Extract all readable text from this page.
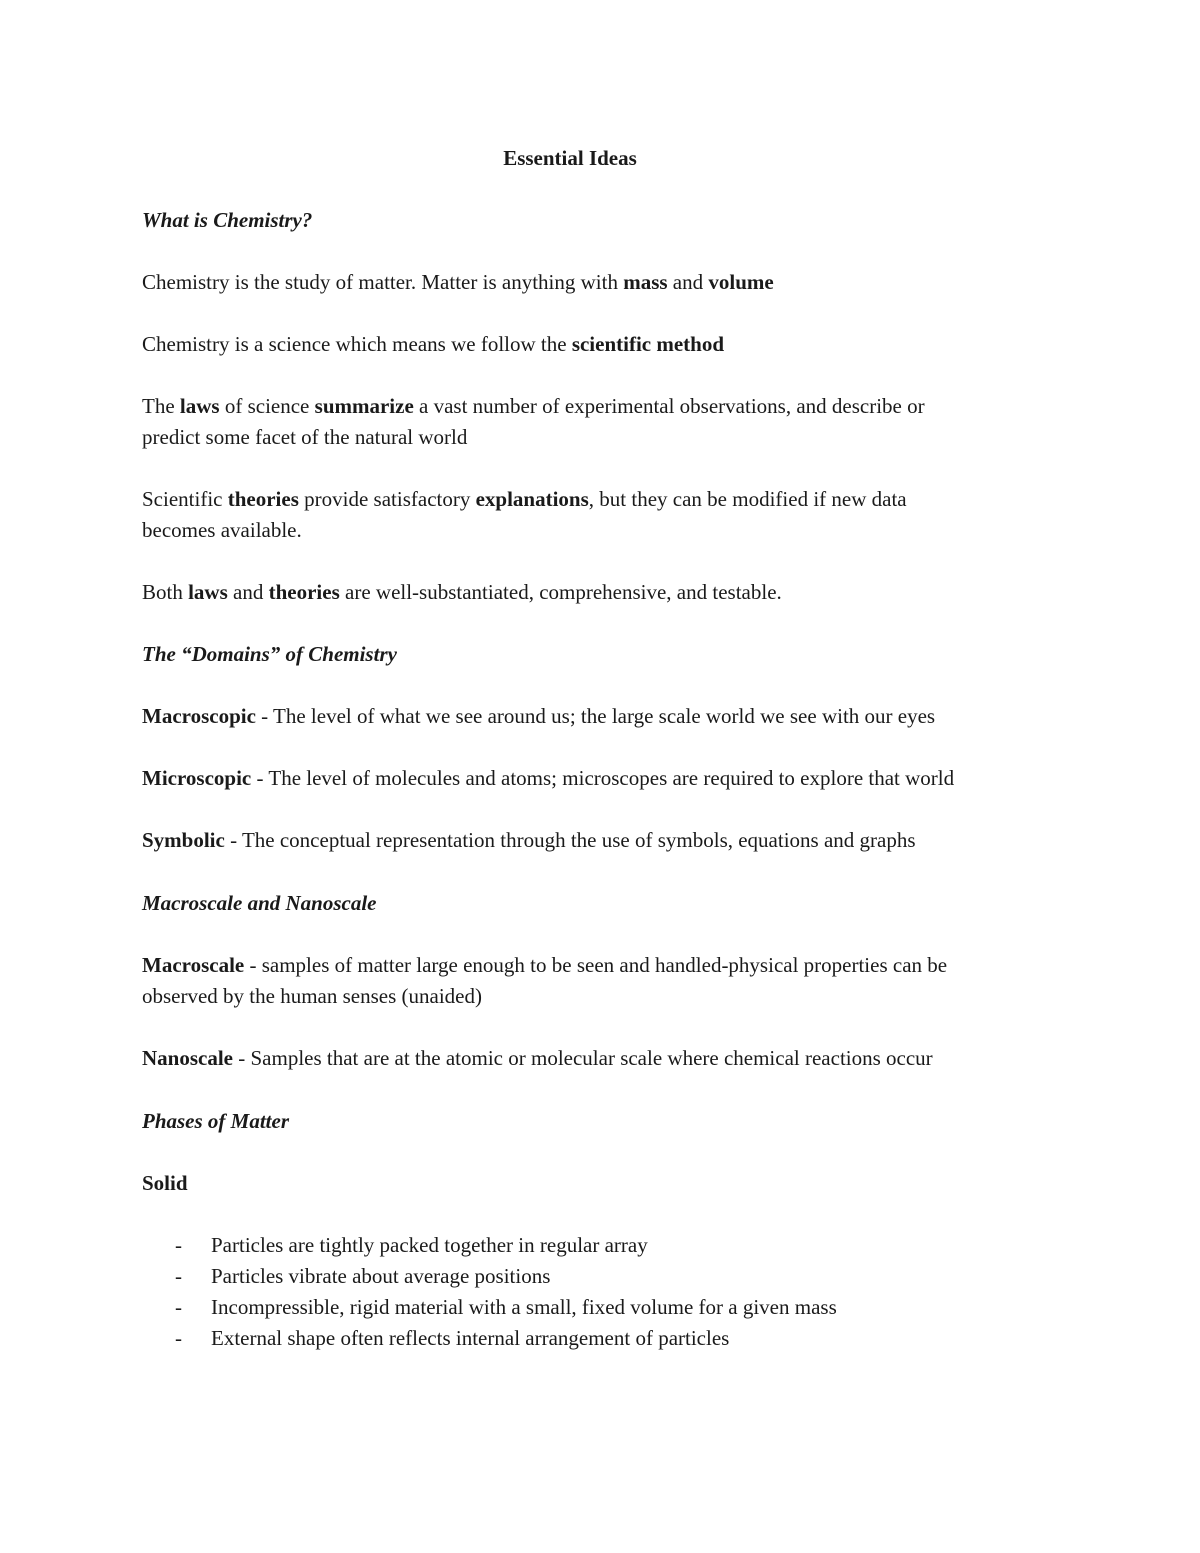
Essential Ideas
What is Chemistry?
Chemistry is the study of matter. Matter is anything with mass and volume
Chemistry is a science which means we follow the scientific method
The laws of science summarize a vast number of experimental observations, and describe or
predict some facet of the natural world
Scientific theories provide satisfactory explanations, but they can be modified if new data
becomes available.
Both laws and theories are well-substantiated, comprehensive, and testable.
The “Domains” of Chemistry
Macroscopic - The level of what we see around us; the large scale world we see with our eyes
Microscopic - The level of molecules and atoms; microscopes are required to explore that world
Symbolic - The conceptual representation through the use of symbols, equations and graphs
Macroscale and Nanoscale
Macroscale - samples of matter large enough to be seen and handled-physical properties can be
observed by the human senses (unaided)
Nanoscale - Samples that are at the atomic or molecular scale where chemical reactions occur
Phases of Matter
Solid
- Particles are tightly packed together in regular array
- Particles vibrate about average positions
- Incompressible, rigid material with a small, fixed volume for a given mass
- External shape often reflects internal arrangement of particles
